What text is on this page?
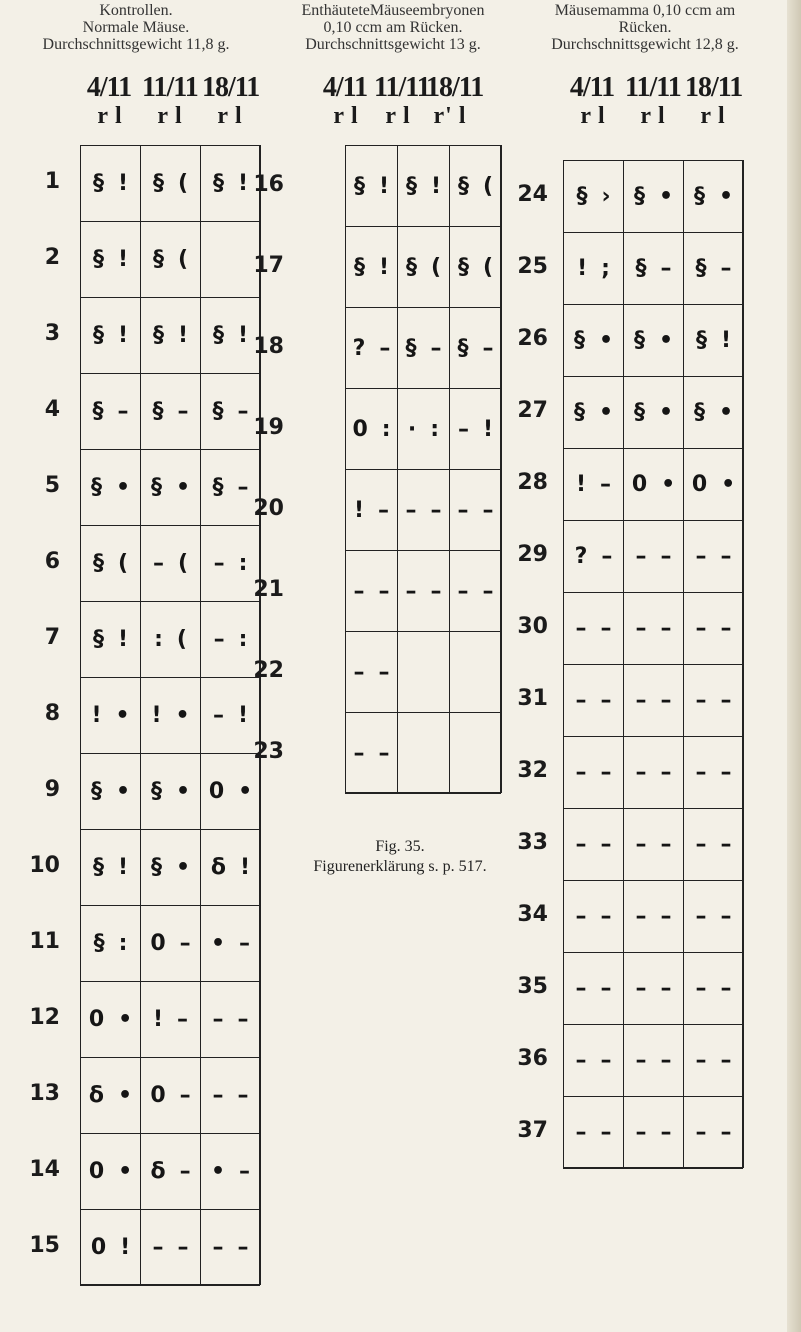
Kontrollen.
Normale Mäuse.
Durchschnittsgewicht 11,8 g.
4/11 11/11 18/11
r l	r l	r l
1 § ! § ( § !
2 § ! § (
3 § ! § ! § !
4 § – § – § –
5 § • § • § –
6 § ( – ( – :
7 § ! : ( – :
8 ! • ! • – !
9 § • § • 0 •
10 § ! § • δ !
11 § : 0 – • –
12 0 • ! – – –
13 δ • 0 – – –
14 0 • δ – • –
15 0 ! – – – –
EnthäutetеMäuseembryonen
0,10 ccm am Rücken.
Durchschnittsgewicht 13 g.
4/11 11/11
18/11
r l	r l r' l
16	§ ! § ! § (
17	§ ! § ( § (
18	? – § – § –
19	0 : · : – !
20	! – – – – –
21	– – – – – –
22	– –
23	– –
Mäusemamma 0,10 ccm am
Rücken.
Durchschnittsgewicht 12,8 g.
4/11 11/11 18/11
r l	r l	r l
24 § › § • § •
25 ! ; § – § –
26 § • § • § !
27 § • § • § •
28 ! – 0 • 0 •
29 ? – – – – –
30 – – – – – –
31 – – – – – –
32 – – – – – –
33 – – – – – –
34 – – – – – –
35 – – – – – –
36 – – – – – –
37 – – – – – –
Fig. 35.
Figurenerklärung s. p. 517.
